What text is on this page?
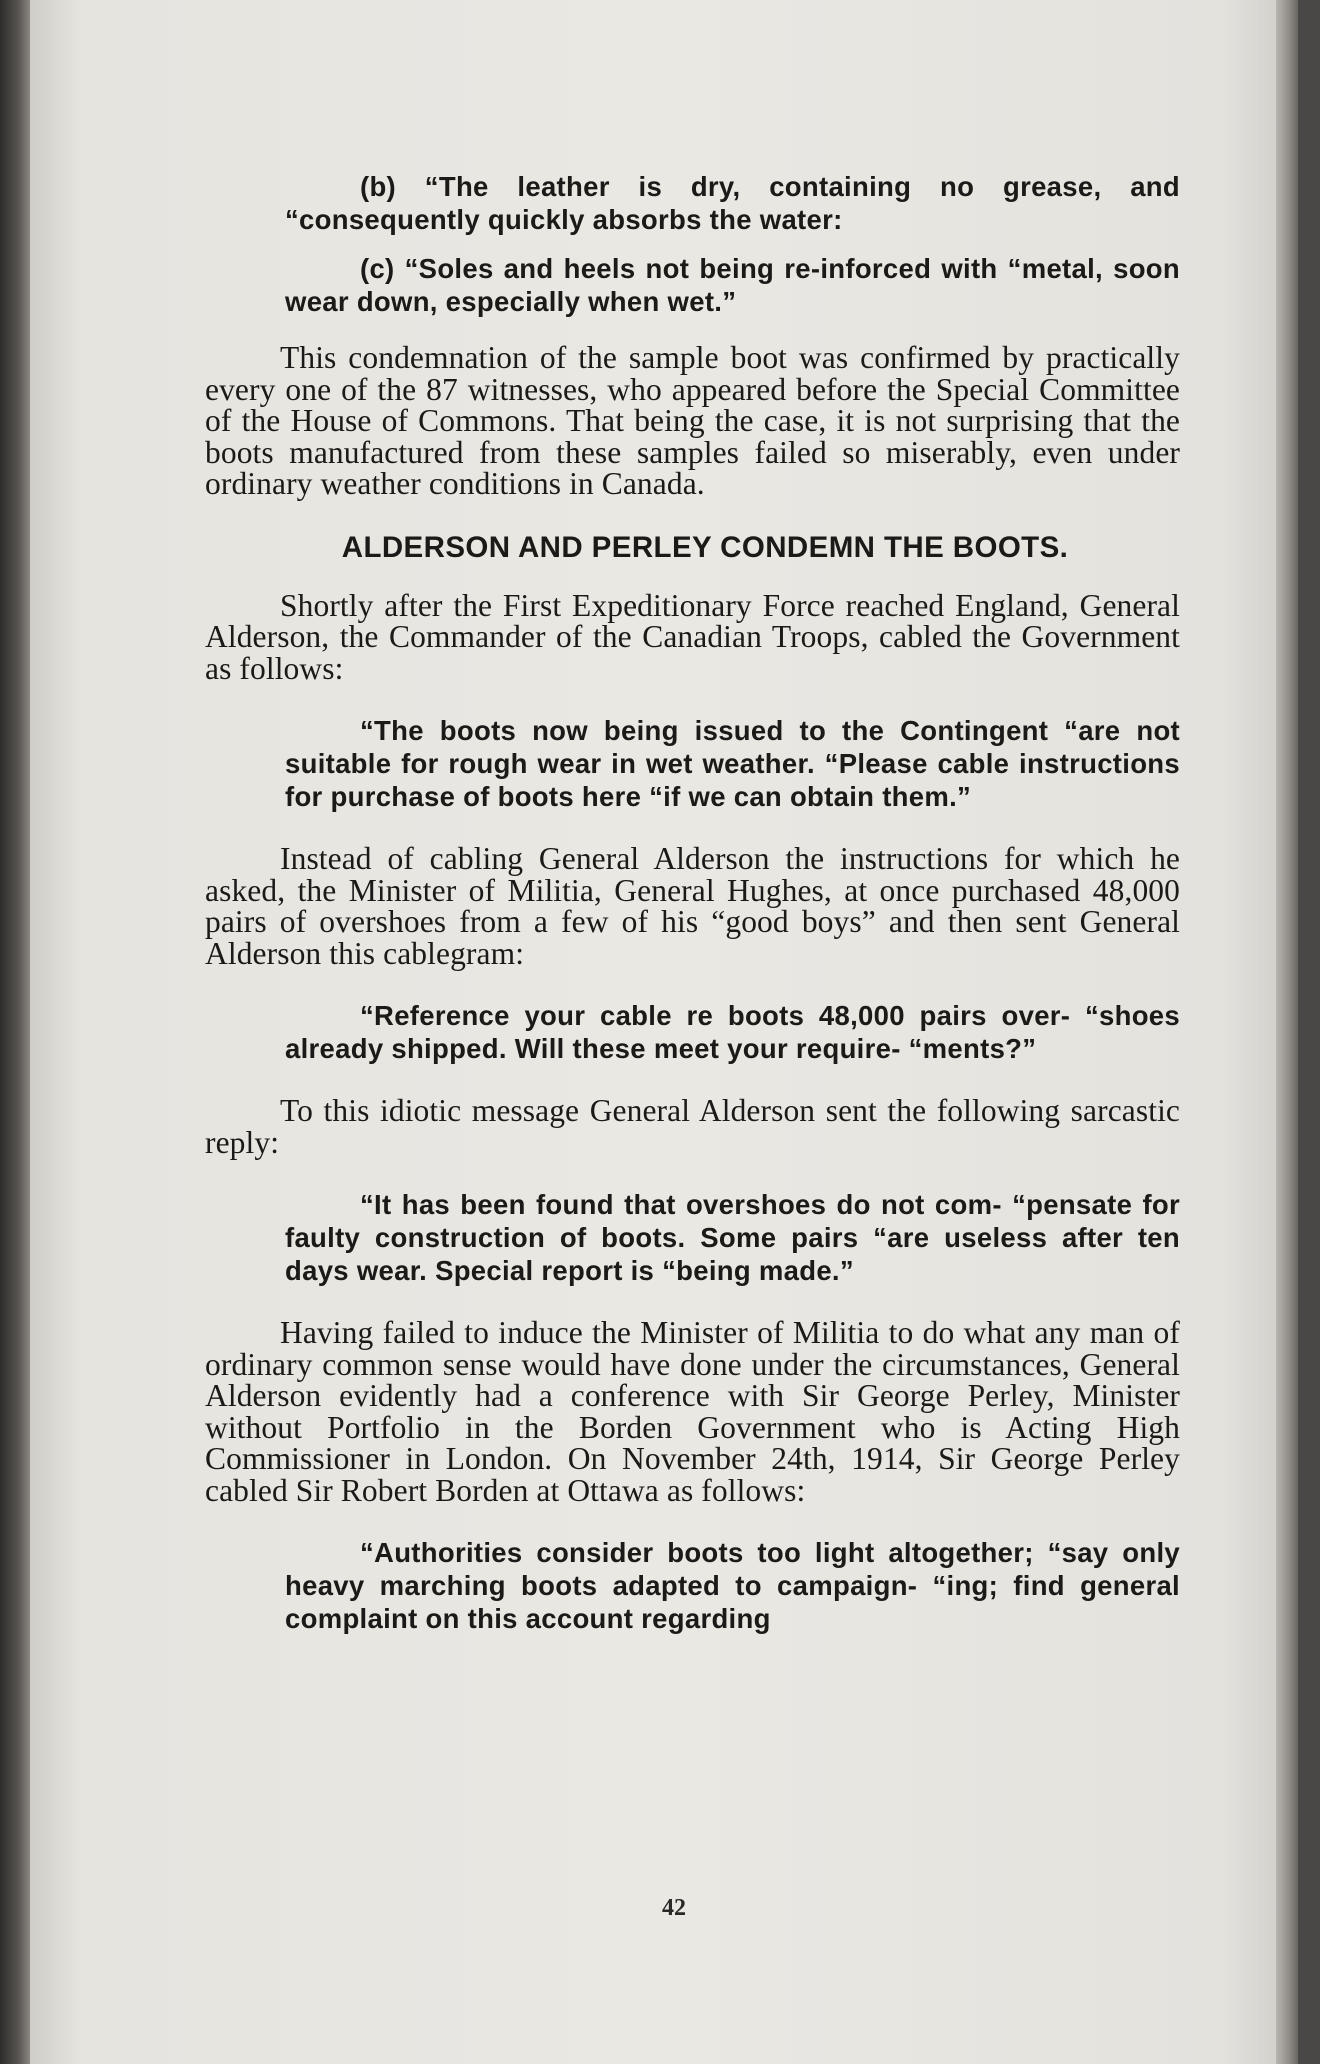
(b) “The leather is dry, containing no grease, and “consequently quickly absorbs the water:

(c) “Soles and heels not being re-inforced with “metal, soon wear down, especially when wet.”

This condemnation of the sample boot was confirmed by practically every one of the 87 witnesses, who appeared before the Special Committee of the House of Commons. That being the case, it is not surprising that the boots manufactured from these samples failed so miserably, even under ordinary weather conditions in Canada.

ALDERSON AND PERLEY CONDEMN THE BOOTS.

Shortly after the First Expeditionary Force reached England, General Alderson, the Commander of the Canadian Troops, cabled the Government as follows:

“The boots now being issued to the Contingent “are not suitable for rough wear in wet weather. “Please cable instructions for purchase of boots here “if we can obtain them.”

Instead of cabling General Alderson the instructions for which he asked, the Minister of Militia, General Hughes, at once purchased 48,000 pairs of overshoes from a few of his “good boys” and then sent General Alderson this cablegram:

“Reference your cable re boots 48,000 pairs over- “shoes already shipped. Will these meet your require- “ments?”

To this idiotic message General Alderson sent the following sarcastic reply:

“It has been found that overshoes do not com- “pensate for faulty construction of boots. Some pairs “are useless after ten days wear. Special report is “being made.”

Having failed to induce the Minister of Militia to do what any man of ordinary common sense would have done under the circumstances, General Alderson evidently had a conference with Sir George Perley, Minister without Portfolio in the Borden Government who is Acting High Commissioner in London. On November 24th, 1914, Sir George Perley cabled Sir Robert Borden at Ottawa as follows:

“Authorities consider boots too light altogether; “say only heavy marching boots adapted to campaign- “ing; find general complaint on this account regarding

42
